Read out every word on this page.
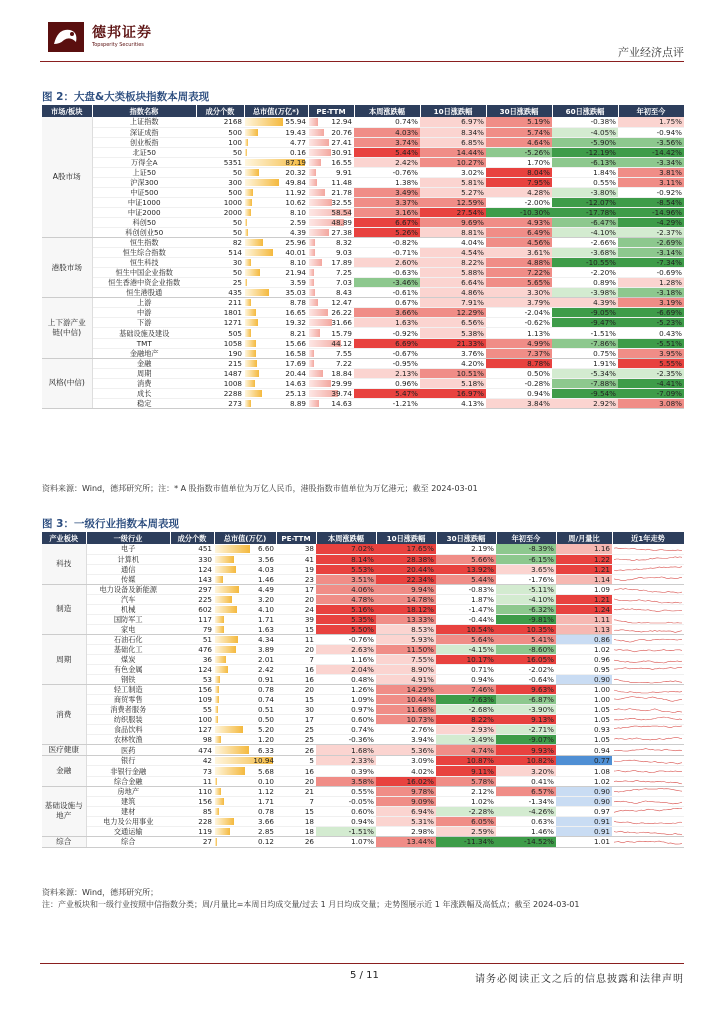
德邦证券
Topsperity Securities
产业经济点评
图 2：大盘&大类板块指数本周表现
市场/板块	指数名称	成分个数	总市值(万亿*)	PE-TTM	本周涨跌幅	10日涨跌幅	30日涨跌幅	60日涨跌幅	年初至今
A股市场	上证指数	2168	55.94	12.94	0.74%	6.97%	5.19%	-0.38%	1.75%
	深证成指	500	19.43	20.76	4.03%	8.34%	5.74%	-4.05%	-0.94%
	创业板指	100	4.77	27.41	3.74%	6.85%	4.64%	-5.90%	-3.56%
	北证50	50	0.16	30.91	5.44%	14.44%	-5.26%	-12.19%	-14.42%
	万得全A	5351	87.19	16.55	2.42%	10.27%	1.70%	-6.13%	-3.34%
	上证50	50	20.32	9.91	-0.76%	3.02%	8.04%	1.84%	3.81%
	沪深300	300	49.84	11.48	1.38%	5.81%	7.95%	0.55%	3.11%
	中证500	500	11.92	21.78	3.49%	5.27%	4.28%	-3.80%	-0.92%
	中证1000	1000	10.62	32.55	3.37%	12.59%	-2.00%	-12.07%	-8.54%
	中证2000	2000	8.10	58.54	3.16%	27.54%	-10.30%	-17.78%	-14.96%
	科创50	50	2.59	48.89	6.67%	9.69%	4.93%	-6.47%	-4.29%
	科创创业50	50	4.39	27.38	5.26%	8.81%	6.49%	-4.10%	-2.37%
港股市场	恒生指数	82	25.96	8.32	-0.82%	4.04%	4.56%	-2.66%	-2.69%
	恒生综合指数	514	40.01	9.03	-0.71%	4.54%	3.61%	-3.68%	-3.14%
	恒生科技	30	8.10	17.89	2.60%	8.22%	4.88%	-10.55%	-7.34%
	恒生中国企业指数	50	21.94	7.25	-0.63%	5.88%	7.22%	-2.20%	-0.69%
	恒生香港中资企业指数	25	3.59	7.03	-3.46%	6.64%	5.65%	0.89%	1.28%
	恒生港股通	435	35.03	8.43	-0.61%	4.86%	3.30%	-3.98%	-3.18%
上下游产业链(中信)	上游	211	8.78	12.47	0.67%	7.91%	3.79%	4.39%	3.19%
	中游	1801	16.65	26.22	3.66%	12.29%	-2.04%	-9.05%	-6.69%
	下游	1271	19.32	31.66	1.63%	6.56%	-0.62%	-9.47%	-5.23%
	基础设施及建设	505	8.21	15.79	-0.92%	5.38%	1.13%	-1.51%	0.43%
	TMT	1058	15.66	44.12	6.69%	21.33%	4.99%	-7.86%	-5.51%
	金融地产	190	16.58	7.55	-0.67%	3.76%	7.37%	0.75%	3.95%
风格(中信)	金融	215	17.69	7.22	-0.95%	4.20%	8.78%	1.91%	5.55%
	周期	1487	20.44	18.84	2.13%	10.51%	0.50%	-5.34%	-2.35%
	消费	1008	14.63	29.99	0.96%	5.18%	-0.28%	-7.88%	-4.41%
	成长	2288	25.13	39.74	5.47%	16.97%	0.94%	-9.54%	-7.09%
	稳定	273	8.89	14.63	-1.21%	4.13%	3.84%	2.92%	3.08%
资料来源：Wind，德邦研究所；注：* A 股指数市值单位为万亿人民币，港股指数市值单位为万亿港元；截至 2024-03-01
图 3：一级行业指数本周表现
产业板块	一级行业	成分个数	总市值(万亿)	PE-TTM	本周涨跌幅	10日涨跌幅	30日涨跌幅	年初至今	周/月量比	近1年走势
科技	电子	451	6.60	38	7.02%	17.65%	2.19%	-8.39%	1.16	

	计算机	330	3.56	41	8.14%	28.38%	5.66%	-6.15%	1.22	

	通信	124	4.03	19	5.53%	20.44%	13.92%	3.65%	1.21	

	传媒	143	1.46	23	3.51%	22.34%	5.44%	-1.76%	1.14	

制造	电力设备及新能源	297	4.49	17	4.06%	9.94%	-0.83%	-5.11%	1.09	

	汽车	225	3.20	20	4.78%	14.78%	1.87%	-4.10%	1.21	

	机械	602	4.10	24	5.16%	18.12%	-1.47%	-6.32%	1.24	

	国防军工	117	1.71	39	5.35%	13.33%	-0.44%	-9.81%	1.11	

	家电	79	1.63	15	5.50%	8.53%	10.54%	10.35%	1.13	

周期	石油石化	51	4.34	11	-0.76%	5.93%	5.64%	5.41%	0.86	

	基础化工	476	3.89	20	2.63%	11.50%	-4.15%	-8.60%	1.02	

	煤炭	36	2.01	7	1.16%	7.55%	10.17%	16.05%	0.96	

	有色金属	124	2.42	16	2.04%	8.90%	0.71%	-2.02%	0.95	

	钢铁	53	0.91	16	0.48%	4.91%	0.94%	-0.64%	0.90	

消费	轻工制造	156	0.78	20	1.26%	14.29%	7.46%	9.63%	1.00	

	商贸零售	109	0.74	15	1.09%	10.44%	-7.63%	-6.87%	1.00	

	消费者服务	55	0.51	30	0.97%	11.68%	-2.68%	-3.90%	1.05	

	纺织服装	100	0.50	17	0.60%	10.73%	8.22%	9.13%	1.05	

	食品饮料	127	5.20	25	0.74%	2.76%	2.93%	-2.71%	0.93	

	农林牧渔	98	1.20	25	-0.36%	3.94%	-3.49%	-9.07%	1.05	

医疗健康	医药	474	6.33	26	1.68%	5.36%	4.74%	9.93%	0.94	

金融	银行	42	10.94	5	2.33%	3.09%	10.87%	10.82%	0.77	

	非银行金融	73	5.68	16	0.39%	4.02%	9.11%	3.20%	1.08	

	综合金融	11	0.10	20	3.58%	16.02%	5.78%	0.41%	1.02	

基础设施与地产	房地产	110	1.12	21	0.55%	9.78%	2.12%	6.57%	0.90	

	建筑	156	1.71	7	-0.05%	9.09%	1.02%	-1.34%	0.90	

	建材	85	0.78	15	0.60%	6.94%	-2.28%	-4.26%	0.97	

	电力及公用事业	228	3.66	18	0.94%	5.31%	6.05%	0.63%	0.91	

	交通运输	119	2.85	18	-1.51%	2.98%	2.59%	1.46%	0.91	

综合	综合	27	0.12	26	1.07%	13.44%	-11.34%	-14.52%	1.01	
资料来源：Wind，德邦研究所；
注：产业板块和一级行业按照中信指数分类；周/月量比=本周日均成交量/过去 1 月日均成交量；走势图展示近 1 年涨跌幅及高低点；截至 2024-03-01
5 / 11	请务必阅读正文之后的信息披露和法律声明
